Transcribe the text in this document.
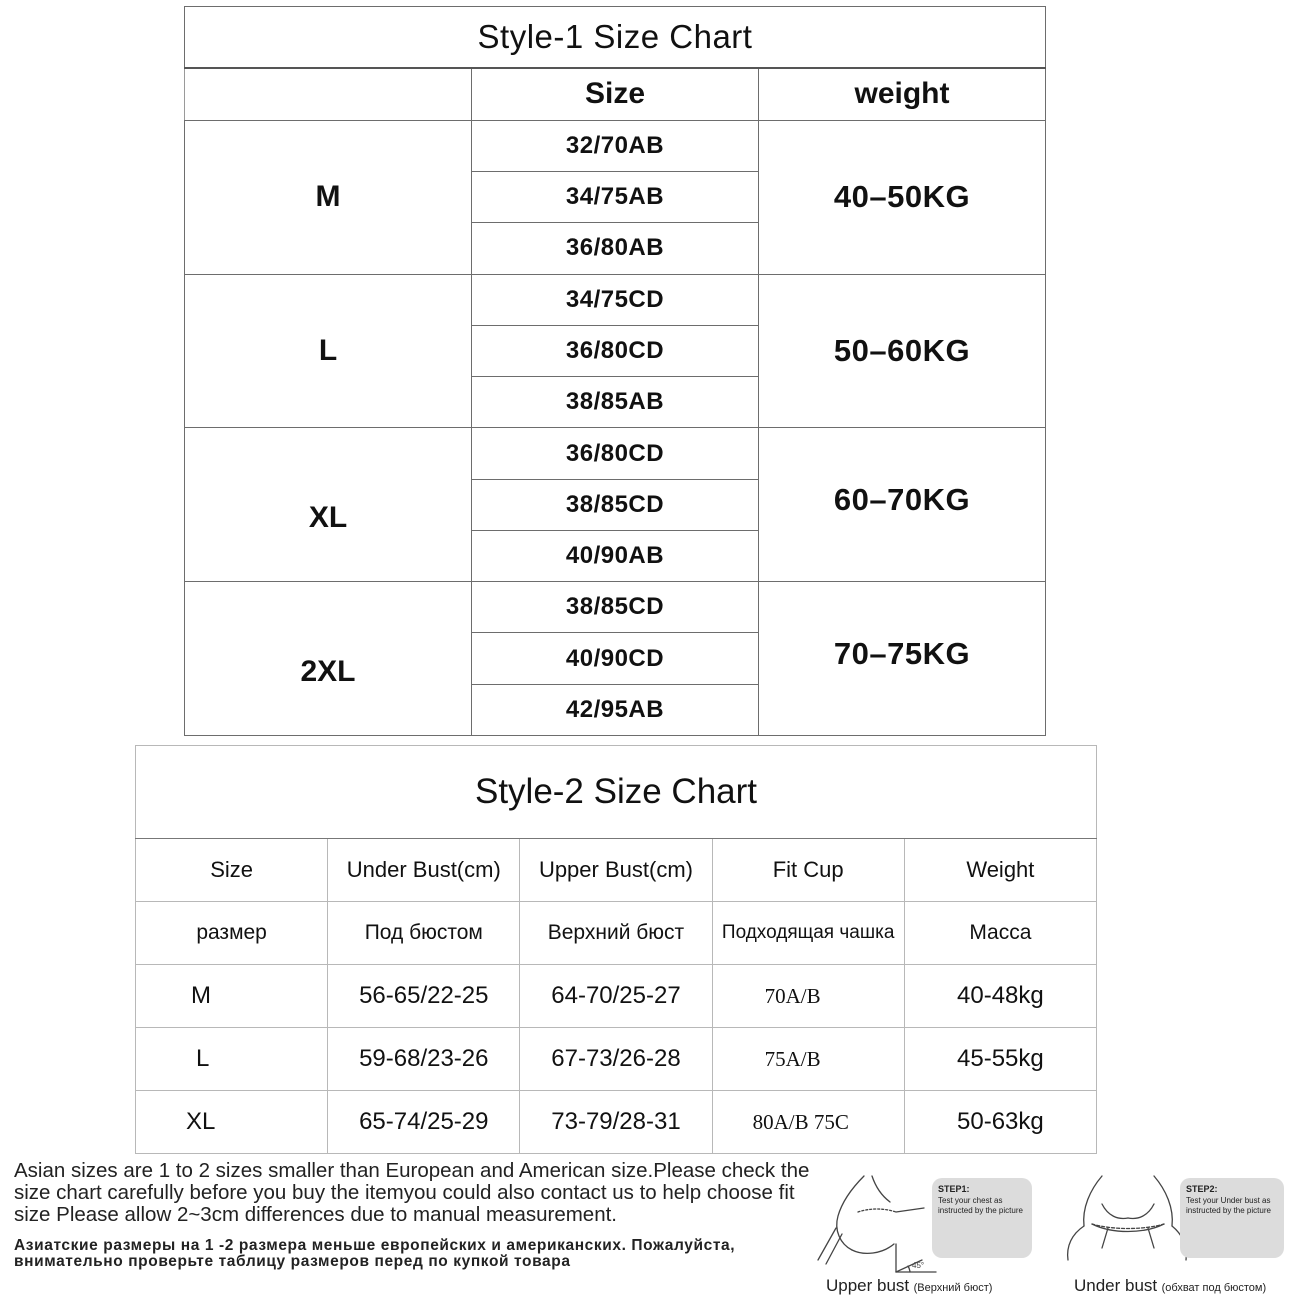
Style-1 Size Chart		
	Size	weight
M	32/70AB	40–50KG
	34/75AB	
	36/80AB	
L	34/75CD	50–60KG
	36/80CD	
	38/85AB	
XL	36/80CD	60–70KG
	38/85CD	
	40/90AB	
2XL	38/85CD	70–75KG
	40/90CD	
	42/95AB	
Style-2 Size Chart				
Size	Under Bust(cm)	Upper Bust(cm)	Fit Cup	Weight
размер	Под бюстом	Верхний бюст	Подходящая чашка	Масса
M	56-65/22-25	64-70/25-27	70A/B	40-48kg
L	59-68/23-26	67-73/26-28	75A/B	45-55kg
XL	65-74/25-29	73-79/28-31	80A/B 75C	50-63kg
Asian sizes are 1 to 2 sizes smaller than European and American size.Please check the size chart carefully before you buy the itemyou could also contact us to help choose fit size Please allow 2~3cm differences due to manual measurement.
Азиатские размеры на 1 -2 размера меньше европейских и американских. Пожалуйста, внимательно проверьте таблицу размеров перед по купкой товара	45°
STEP1:
Test your chest as instructed by the picture
Upper bust (Верхний бюст)
STEP2:
Test your Under bust as instructed by the picture
Under bust (обхват под бюстом)
